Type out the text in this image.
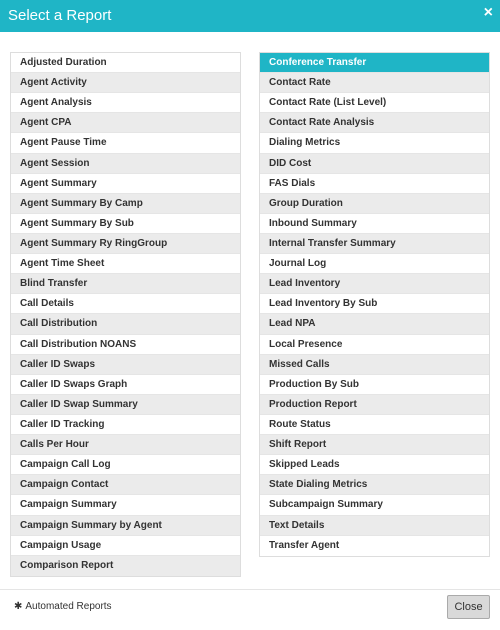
Select a Report	×
Adjusted Duration
Agent Activity
Agent Analysis
Agent CPA
Agent Pause Time
Agent Session
Agent Summary
Agent Summary By Camp
Agent Summary By Sub
Agent Summary Ry RingGroup
Agent Time Sheet
Blind Transfer
Call Details
Call Distribution
Call Distribution NOANS
Caller ID Swaps
Caller ID Swaps Graph
Caller ID Swap Summary
Caller ID Tracking
Calls Per Hour
Campaign Call Log
Campaign Contact
Campaign Summary
Campaign Summary by Agent
Campaign Usage
Comparison Report
Conference Transfer
Contact Rate
Contact Rate (List Level)
Contact Rate Analysis
Dialing Metrics
DID Cost
FAS Dials
Group Duration
Inbound Summary
Internal Transfer Summary
Journal Log
Lead Inventory
Lead Inventory By Sub
Lead NPA
Local Presence
Missed Calls
Production By Sub
Production Report
Route Status
Shift Report
Skipped Leads
State Dialing Metrics
Subcampaign Summary
Text Details
Transfer Agent
✱ Automated Reports	Close
